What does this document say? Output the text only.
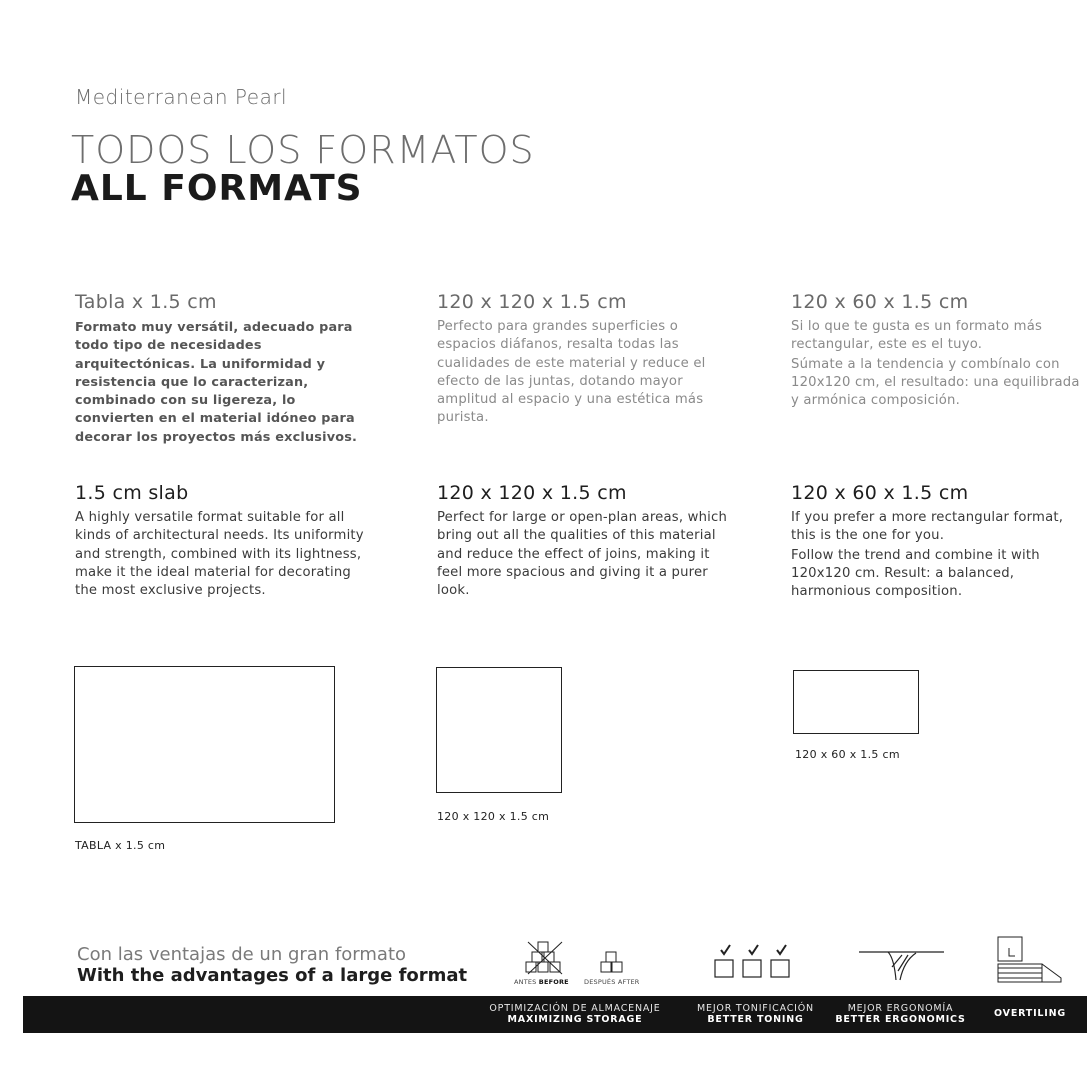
Mediterranean Pearl
TODOS LOS FORMATOS
ALL FORMATS
Tabla x 1.5 cm
Formato muy versátil, adecuado para todo tipo de necesidades arquitectónicas. La uniformidad y resistencia que lo caracterizan, combinado con su ligereza, lo convierten en el material idóneo para decorar los proyectos más exclusivos.
1.5 cm slab
A highly versatile format suitable for all kinds of architectural needs. Its uniformity and strength, combined with its lightness, make it the ideal material for decorating the most exclusive projects.
TABLA x 1.5 cm
120 x 120 x 1.5 cm
Perfecto para grandes superficies o espacios diáfanos, resalta todas las cualidades de este material y reduce el efecto de las juntas, dotando mayor amplitud al espacio y una estética más purista.
120 x 120 x 1.5 cm
Perfect for large or open-plan areas, which bring out all the qualities of this material and reduce the effect of joins, making it feel more spacious and giving it a purer look.
120 x 120 x 1.5 cm
120 x 60 x 1.5 cm
Si lo que te gusta es un formato más rectangular, este es el tuyo.
Súmate a la tendencia y combínalo con 120x120 cm, el resultado: una equilibrada y armónica composición.
120 x 60 x 1.5 cm
If you prefer a more rectangular format, this is the one for you.
Follow the trend and combine it with 120x120 cm. Result: a balanced, harmonious composition.
120 x 60 x 1.5 cm
Con las ventajas de un gran formato
With the advantages of a large format	ANTES BEFORE DESPUÉS AFTER
OPTIMIZACIÓN DE ALMACENAJE
MAXIMIZING STORAGE
MEJOR TONIFICACIÓN
BETTER TONING
MEJOR ERGONOMÍA
BETTER ERGONOMICS
OVERTILING
